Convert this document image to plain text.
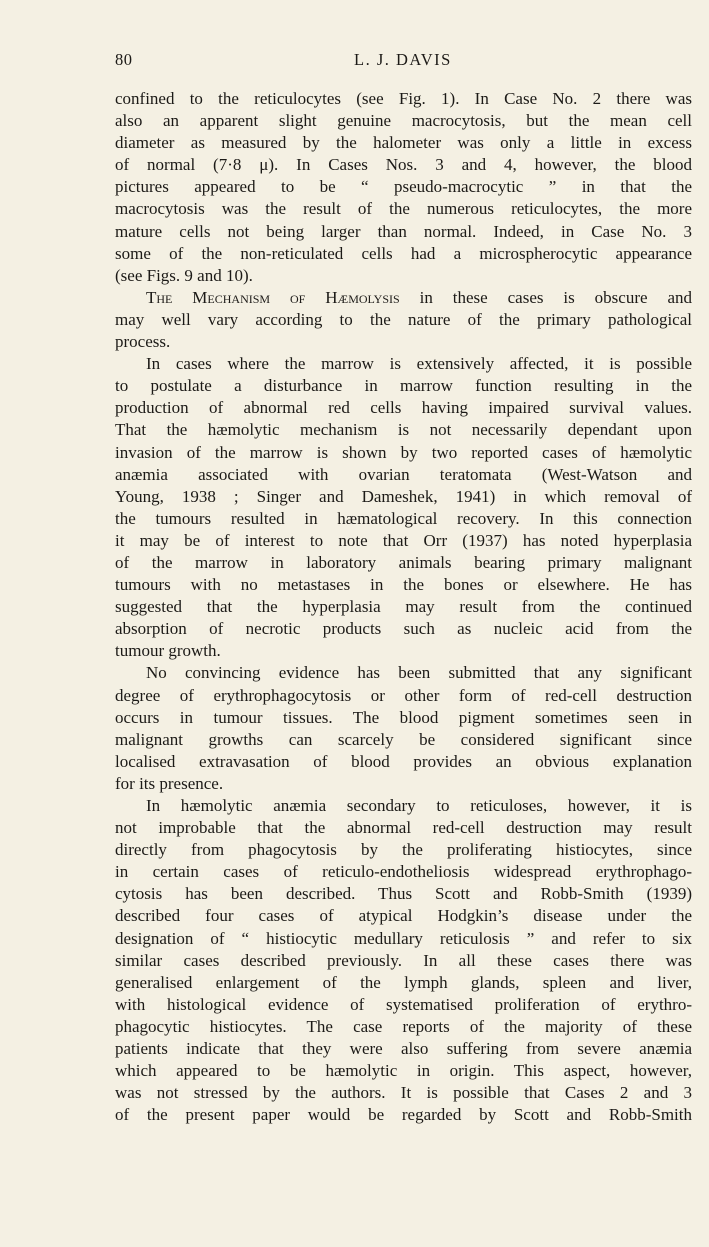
80	L. J. DAVIS
confined to the reticulocytes (see Fig. 1). In Case No. 2 there was
also an apparent slight genuine macrocytosis, but the mean cell
diameter as measured by the halometer was only a little in excess
of normal (7·8 μ). In Cases Nos. 3 and 4, however, the blood
pictures appeared to be “ pseudo-macrocytic ” in that the
macrocytosis was the result of the numerous reticulocytes, the more
mature cells not being larger than normal. Indeed, in Case No. 3
some of the non-reticulated cells had a microspherocytic appearance
(see Figs. 9 and 10).
The Mechanism of Hæmolysis in these cases is obscure and
may well vary according to the nature of the primary pathological
process.
In cases where the marrow is extensively affected, it is possible
to postulate a disturbance in marrow function resulting in the
production of abnormal red cells having impaired survival values.
That the hæmolytic mechanism is not necessarily dependant upon
invasion of the marrow is shown by two reported cases of hæmolytic
anæmia associated with ovarian teratomata (West-Watson and
Young, 1938 ; Singer and Dameshek, 1941) in which removal of
the tumours resulted in hæmatological recovery. In this connection
it may be of interest to note that Orr (1937) has noted hyperplasia
of the marrow in laboratory animals bearing primary malignant
tumours with no metastases in the bones or elsewhere. He has
suggested that the hyperplasia may result from the continued
absorption of necrotic products such as nucleic acid from the
tumour growth.
No convincing evidence has been submitted that any significant
degree of erythrophagocytosis or other form of red-cell destruction
occurs in tumour tissues. The blood pigment sometimes seen in
malignant growths can scarcely be considered significant since
localised extravasation of blood provides an obvious explanation
for its presence.
In hæmolytic anæmia secondary to reticuloses, however, it is
not improbable that the abnormal red-cell destruction may result
directly from phagocytosis by the proliferating histiocytes, since
in certain cases of reticulo-endotheliosis widespread erythrophago-
cytosis has been described. Thus Scott and Robb-Smith (1939)
described four cases of atypical Hodgkin’s disease under the
designation of “ histiocytic medullary reticulosis ” and refer to six
similar cases described previously. In all these cases there was
generalised enlargement of the lymph glands, spleen and liver,
with histological evidence of systematised proliferation of erythro-
phagocytic histiocytes. The case reports of the majority of these
patients indicate that they were also suffering from severe anæmia
which appeared to be hæmolytic in origin. This aspect, however,
was not stressed by the authors. It is possible that Cases 2 and 3
of the present paper would be regarded by Scott and Robb-Smith
